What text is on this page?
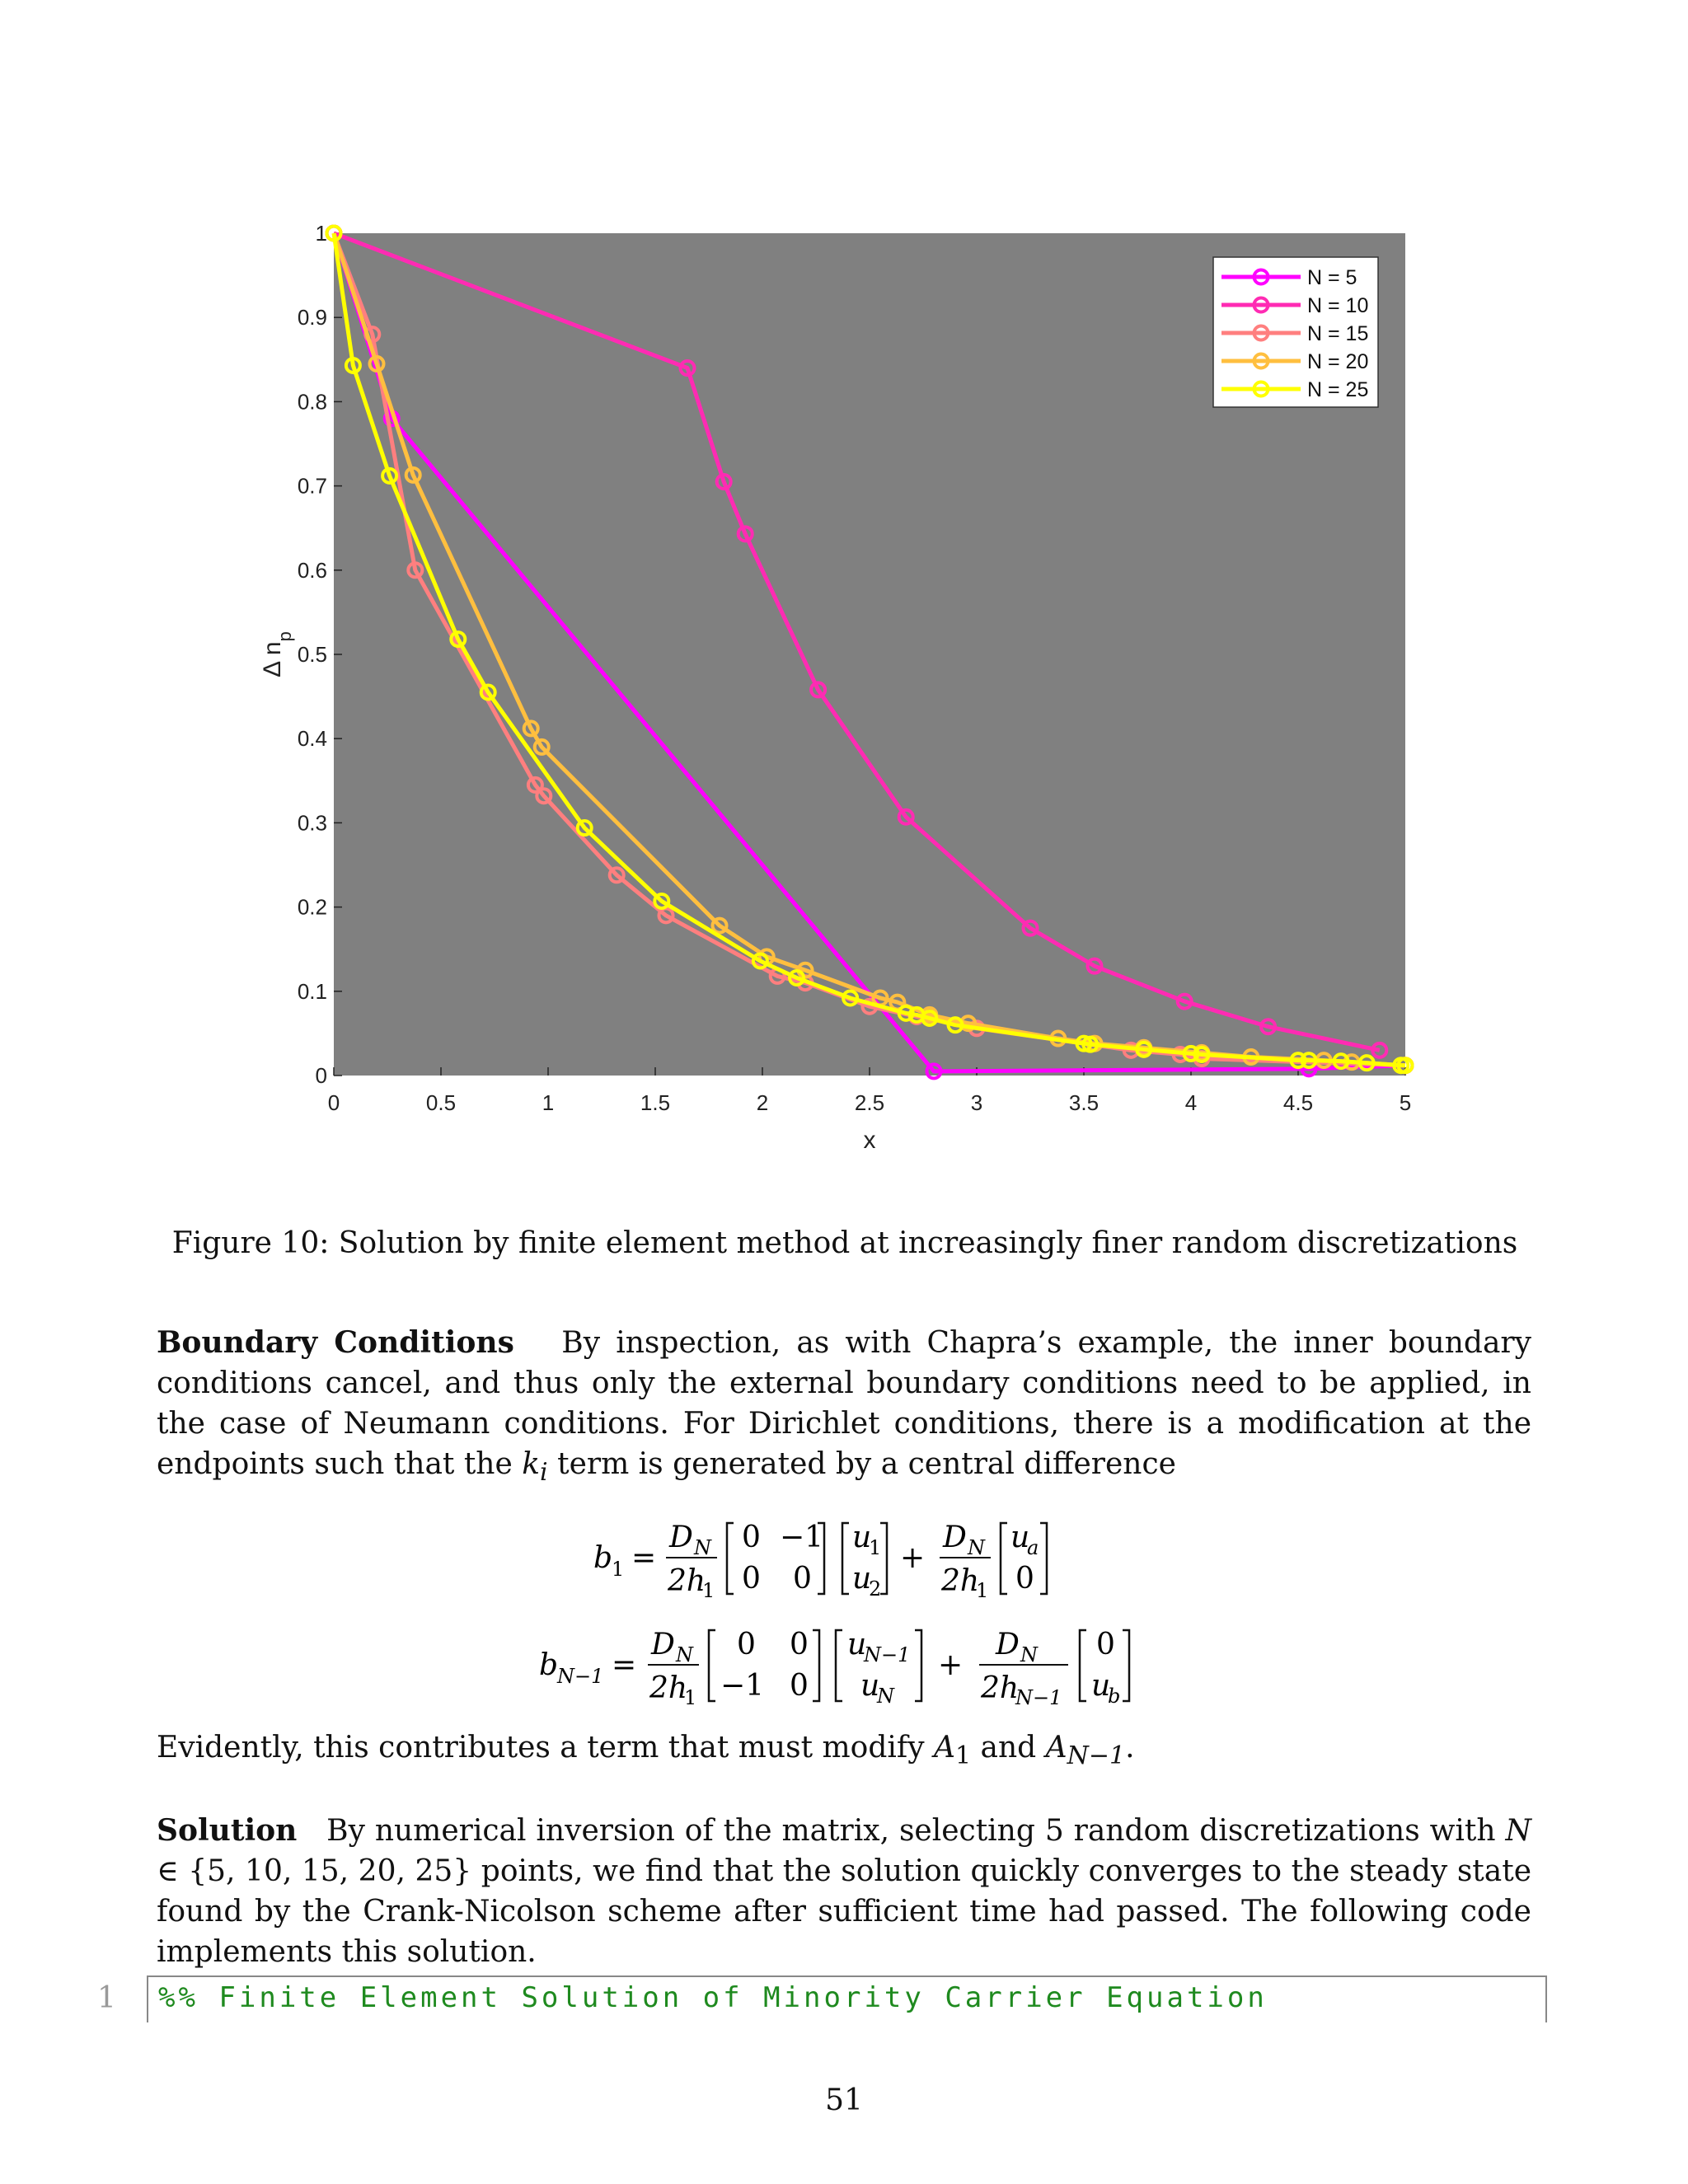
0	0.5	1	1.5	2	2.5	3	3.5	4	4.5	5
0
0.1
0.2
0.3
0.4
0.5
0.6
0.7
0.8
0.9
1
x
Δ $n_p$
N = 5
N = 10
N = 15
N = 20
N = 25
Figure 10: Solution by finite element method at increasingly finer random discretizations
Boundary Conditions By inspection, as with Chapra’s example, the inner boundary conditions cancel, and thus only the external boundary conditions need to be applied, in the case of Neumann conditions. For Dirichlet conditions, there is a modification at the endpoints such that the $k_i$ term is generated by a central difference
b
1 =
D N
2h
1
0 −1
0 0
u
1
u
2
+
D N
2h
1
u
a
0
b
N−1 =
D N
2h
1
0 0
−1 0
u
N−1
u
N
+
D N
2h
N−1
0
u
b
Evidently, this contributes a term that must modify $A_1$ and $A_{N-1}$.
Solution By numerical inversion of the matrix, selecting 5 random discretizations with N ∈ {5, 10, 15, 20, 25} points, we find that the solution quickly converges to the steady state found by the Crank-Nicolson scheme after sufficient time had passed. The following code implements this solution.
1 %% Finite Element Solution of Minority Carrier Equation
51
